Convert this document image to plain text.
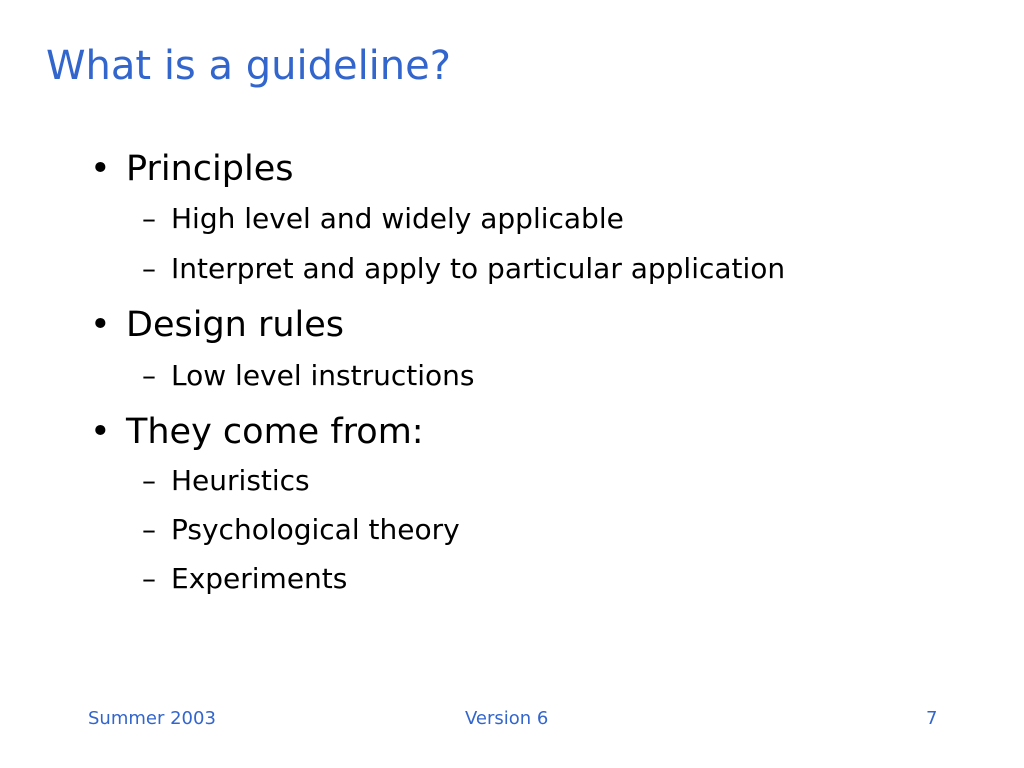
What is a guideline?
• Principles
– High level and widely applicable
– Interpret and apply to particular application
• Design rules
– Low level instructions
• They come from:
– Heuristics
– Psychological theory
– Experiments
Summer 2003	Version 6	7
